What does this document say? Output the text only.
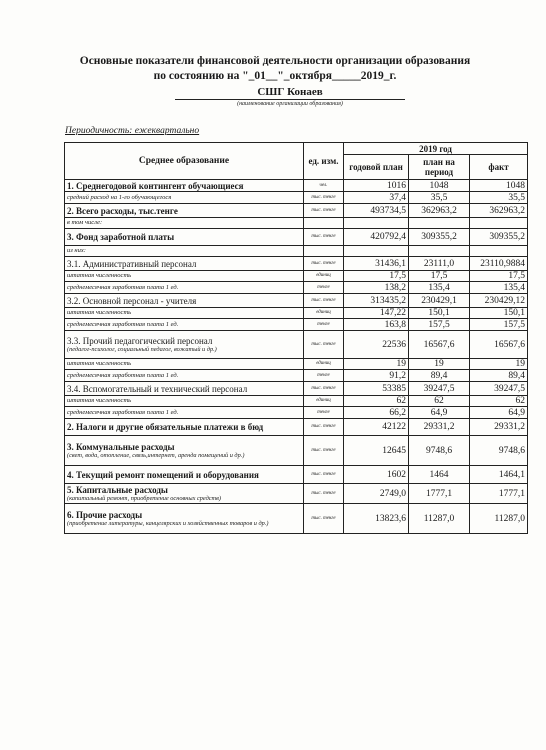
Основные показатели финансовой деятельности организации образования
по состоянию на "_01__"_октября_____2019_г.
СШГ Конаев
(наименование организации образования)
Периодичность: ежеквартально
Среднее образование	ед. изм.	2019 год		
		годовой план	план на период	факт
1. Среднегодовой контингент обучающиеся	чел.	1016	1048	1048
средний расход на 1-го обучающегося	тыс. тенге	37,4	35,5	35,5
2. Всего расходы, тыс.тенге	тыс. тенге	493734,5	362963,2	362963,2
в том числе:				
3. Фонд заработной платы	тыс. тенге	420792,4	309355,2	309355,2
из них:				
3.1. Административный персонал	тыс. тенге	31436,1	23111,0	23110,9884
штатная численность	единиц	17,5	17,5	17,5
среднемесячная заработная плата 1 ед.	тенге	138,2	135,4	135,4
3.2. Основной персонал - учителя	тыс. тенге	313435,2	230429,1	230429,12
штатная численность	единиц	147,22	150,1	150,1
среднемесячная заработная плата 1 ед.	тенге	163,8	157,5	157,5
3.3. Прочий педагогический персонал
(педагог-психолог, социальный педагог, вожатый и др.)	тыс. тенге	22536	16567,6	16567,6
штатная численность	единиц	19	19	19
среднемесячная заработная плата 1 ед.	тенге	91,2	89,4	89,4
3.4. Вспомогательный и технический персонал	тыс. тенге	53385	39247,5	39247,5
штатная численность	единиц	62	62	62
среднемесячная заработная плата 1 ед.	тенге	66,2	64,9	64,9
2. Налоги и другие обязательные платежи в бюд	тыс. тенге	42122	29331,2	29331,2
3. Коммунальные расходы
(свет, вода, отопление, связь,интернет, аренда помещений и др.)	тыс. тенге	12645	9748,6	9748,6
4. Текущий ремонт помещений и оборудования	тыс. тенге	1602	1464	1464,1
5. Капитальные расходы
(капитальный ремонт, приобретение основных средств)	тыс. тенге	2749,0	1777,1	1777,1
6. Прочие расходы
(приобретение литературы, канцелярских и хозяйственных товаров и др.)	тыс. тенге	13823,6	11287,0	11287,0
